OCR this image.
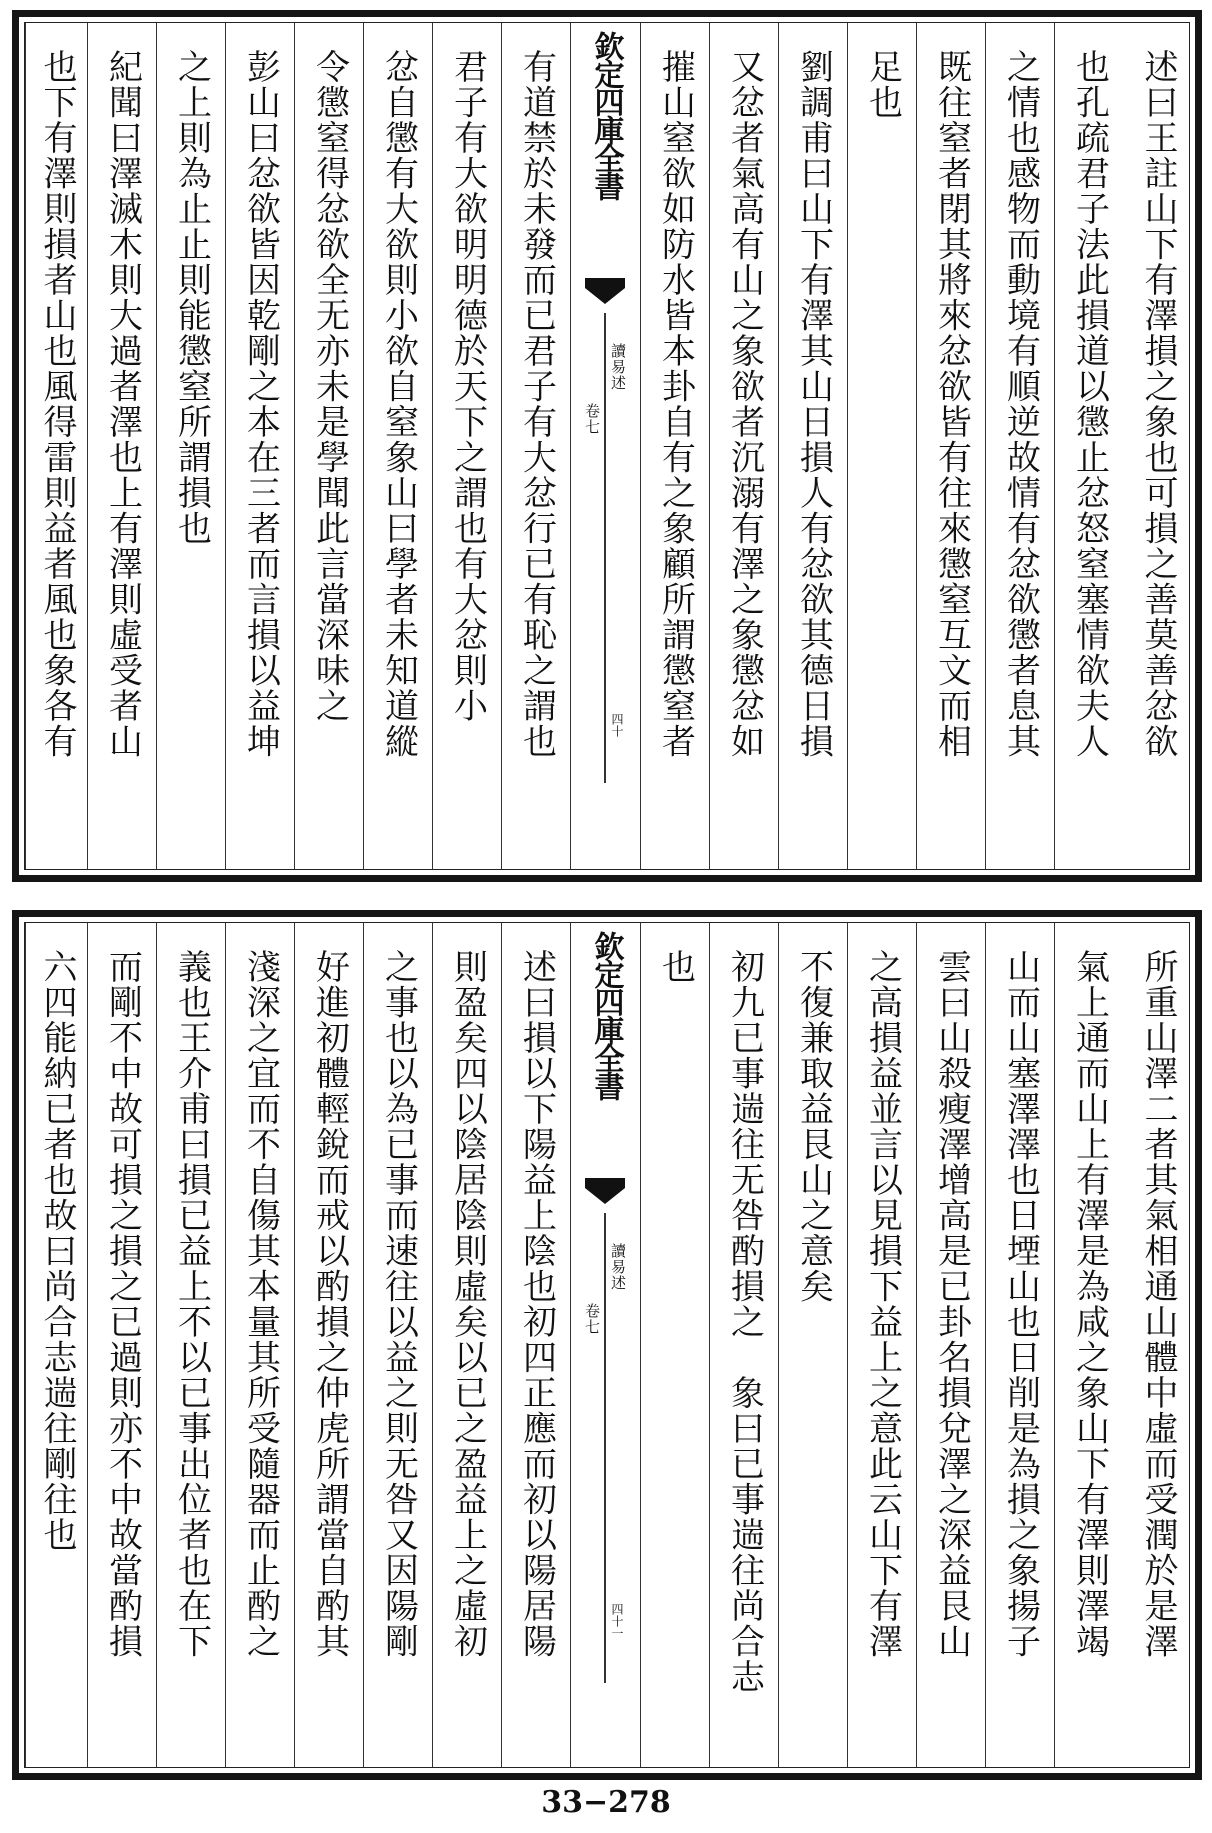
述曰王註山下有澤損之象也可損之善莫善忿欲
也孔疏君子法此損道以懲止忿怒窒塞情欲夫人
之情也感物而動境有順逆故情有忿欲懲者息其
既往窒者閉其將來忿欲皆有往來懲窒互文而相
足也
劉調甫曰山下有澤其山日損人有忿欲其德日損
又忿者氣高有山之象欲者沉溺有澤之象懲忿如
摧山窒欲如防水皆本卦自有之象顧所謂懲窒者
欽定四庫全書
讀易述
卷七
四十
有道禁於未發而已君子有大忿行已有恥之謂也
君子有大欲明明德於天下之謂也有大忿則小
忿自懲有大欲則小欲自窒象山曰學者未知道縱
令懲窒得忿欲全无亦未是學聞此言當深味之
彭山曰忿欲皆因乾剛之本在三者而言損以益坤
之上則為止止則能懲窒所謂損也
紀聞曰澤滅木則大過者澤也上有澤則虛受者山
也下有澤則損者山也風得雷則益者風也象各有
所重山澤二者其氣相通山體中虛而受潤於是澤
氣上通而山上有澤是為咸之象山下有澤則澤竭
山而山塞澤澤也日堙山也日削是為損之象揚子
雲曰山殺瘦澤增高是已卦名損兌澤之深益艮山
之高損益並言以見損下益上之意此云山下有澤
不復兼取益艮山之意矣
初九已事遄往无咎酌損之　象曰已事遄往尚合志
也
欽定四庫全書
讀易述
卷七
四十一
述曰損以下陽益上陰也初四正應而初以陽居陽
則盈矣四以陰居陰則虛矣以已之盈益上之虛初
之事也以為已事而速往以益之則无咎又因陽剛
好進初體輕銳而戒以酌損之仲虎所謂當自酌其
淺深之宜而不自傷其本量其所受隨器而止酌之
義也王介甫曰損已益上不以已事出位者也在下
而剛不中故可損之損之已過則亦不中故當酌損
六四能納已者也故曰尚合志遄往剛往也
33−278
